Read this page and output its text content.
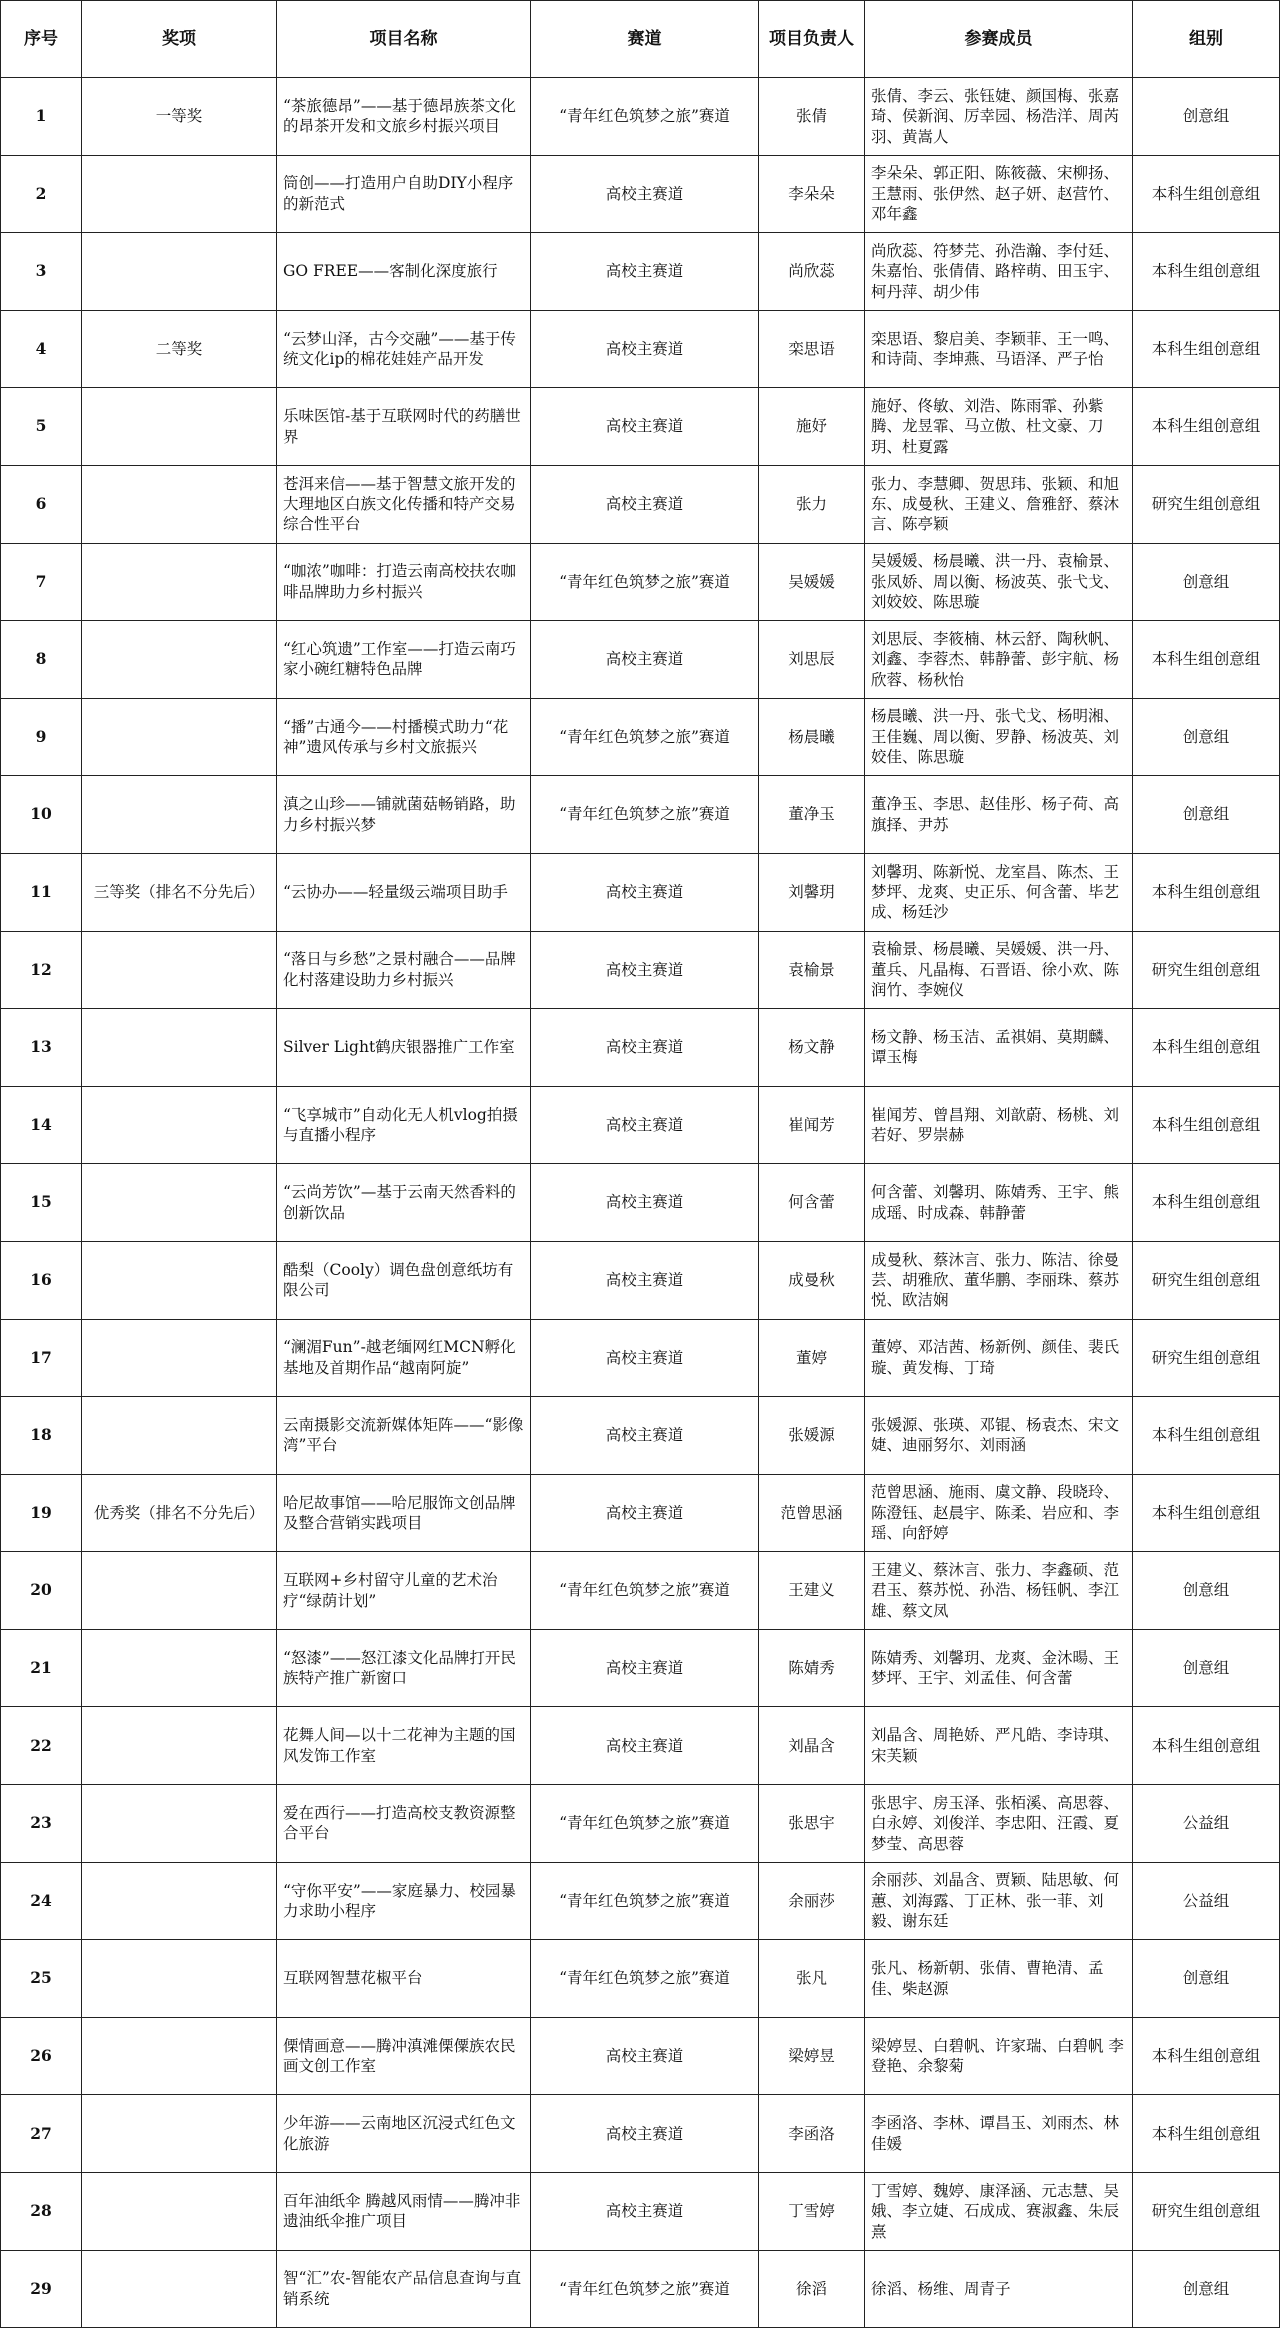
序号	奖项	项目名称	赛道	项目负责人	参赛成员	组别
1	一等奖	“茶旅德昂”——基于德昂族茶文化的昂茶开发和文旅乡村振兴项目	“青年红色筑梦之旅”赛道	张倩	张倩、李云、张钰婕、颜国梅、张嘉琦、侯新润、厉幸园、杨浩洋、周芮羽、黄嵩人	创意组
2		筒创——打造用户自助DIY小程序的新范式	高校主赛道	李朵朵	李朵朵、郭正阳、陈筱薇、宋柳扬、王慧雨、张伊然、赵子妍、赵营竹、邓年鑫	本科生组创意组
3		GO FREE——客制化深度旅行	高校主赛道	尚欣蕊	尚欣蕊、符梦芫、孙浩瀚、李付廷、朱嘉怡、张倩倩、路梓萌、田玉宇、柯丹萍、胡少伟	本科生组创意组
4	二等奖	“云梦山泽，古今交融”——基于传统文化ip的棉花娃娃产品开发	高校主赛道	栾思语	栾思语、黎启美、李颖菲、王一鸣、和诗茼、李坤燕、马语泽、严子怡	本科生组创意组
5		乐味医馆-基于互联网时代的药膳世界	高校主赛道	施妤	施妤、佟敏、刘浩、陈雨霏、孙紫腾、龙昱霏、马立傲、杜文豪、刀玥、杜夏露	本科生组创意组
6		苍洱来信——基于智慧文旅开发的大理地区白族文化传播和特产交易综合性平台	高校主赛道	张力	张力、李慧卿、贺思玮、张颖、和旭东、成曼秋、王建义、詹雅舒、蔡沐言、陈亭颖	研究生组创意组
7		“咖浓”咖啡：打造云南高校扶农咖啡品牌助力乡村振兴	“青年红色筑梦之旅”赛道	吴媛媛	吴媛媛、杨晨曦、洪一丹、袁榆景、张凤娇、周以衡、杨波英、张弋戈、刘姣姣、陈思璇	创意组
8		“红心筑遗”工作室——打造云南巧家小碗红糖特色品牌	高校主赛道	刘思辰	刘思辰、李筱楠、林云舒、陶秋帆、刘鑫、李蓉杰、韩静蕾、彭宇航、杨欣蓉、杨秋怡	本科生组创意组
9		“播”古通今——村播模式助力“花神”遗风传承与乡村文旅振兴	“青年红色筑梦之旅”赛道	杨晨曦	杨晨曦、洪一丹、张弋戈、杨明湘、王佳巍、周以衡、罗静、杨波英、刘姣佳、陈思璇	创意组
10		滇之山珍——铺就菌菇畅销路，助力乡村振兴梦	“青年红色筑梦之旅”赛道	董净玉	董净玉、李思、赵佳彤、杨子荷、高旗择、尹苏	创意组
11	三等奖（排名不分先后）	“云协办——轻量级云端项目助手	高校主赛道	刘馨玥	刘馨玥、陈新悦、龙室昌、陈杰、王梦坪、龙爽、史正乐、何含蕾、毕艺成、杨廷沙	本科生组创意组
12		“落日与乡愁”之景村融合——品牌化村落建设助力乡村振兴	高校主赛道	袁榆景	袁榆景、杨晨曦、吴媛媛、洪一丹、董兵、凡晶梅、石晋语、徐小欢、陈润竹、李婉仪	研究生组创意组
13		Silver Light鹤庆银器推广工作室	高校主赛道	杨文静	杨文静、杨玉洁、孟祺娟、莫期麟、谭玉梅	本科生组创意组
14		“飞享城市”自动化无人机vlog拍摄与直播小程序	高校主赛道	崔闻芳	崔闻芳、曾昌翔、刘歆蔚、杨桃、刘若好、罗崇赫	本科生组创意组
15		“云尚芳饮”—基于云南天然香料的创新饮品	高校主赛道	何含蕾	何含蕾、刘馨玥、陈婧秀、王宇、熊成瑶、时成森、韩静蕾	本科生组创意组
16		酷梨（Cooly）调色盘创意纸坊有限公司	高校主赛道	成曼秋	成曼秋、蔡沐言、张力、陈洁、徐曼芸、胡雅欣、董华鹏、李丽珠、蔡苏悦、欧洁娴	研究生组创意组
17		“澜湄Fun”-越老缅网红MCN孵化基地及首期作品“越南阿旋”	高校主赛道	董婷	董婷、邓洁茜、杨新例、颜佳、裴氏璇、黄发梅、丁琦	研究生组创意组
18		云南摄影交流新媒体矩阵——“影像湾”平台	高校主赛道	张媛源	张媛源、张瑛、邓锟、杨袁杰、宋文婕、迪丽努尔、刘雨涵	本科生组创意组
19	优秀奖（排名不分先后）	哈尼故事馆——哈尼服饰文创品牌及整合营销实践项目	高校主赛道	范曾思涵	范曾思涵、施雨、虞文静、段晓玲、陈澄钰、赵晨宇、陈柔、岩应和、李瑶、向舒婷	本科生组创意组
20		互联网+乡村留守儿童的艺术治疗“绿荫计划”	“青年红色筑梦之旅”赛道	王建义	王建义、蔡沐言、张力、李鑫硕、范君玉、蔡苏悦、孙浩、杨钰帆、李江雄、蔡文凤	创意组
21		“怒漆”——怒江漆文化品牌打开民族特产推广新窗口	高校主赛道	陈婧秀	陈婧秀、刘馨玥、龙爽、金沐暘、王梦坪、王宇、刘孟佳、何含蕾	创意组
22		花舞人间—以十二花神为主题的国风发饰工作室	高校主赛道	刘晶含	刘晶含、周艳娇、严凡皓、李诗琪、宋芙颖	本科生组创意组
23		爱在西行——打造高校支教资源整合平台	“青年红色筑梦之旅”赛道	张思宇	张思宇、房玉泽、张栢溪、高思蓉、白永婷、刘俊洋、李忠阳、汪霞、夏梦莹、高思蓉	公益组
24		“守你平安”——家庭暴力、校园暴力求助小程序	“青年红色筑梦之旅”赛道	余丽莎	余丽莎、刘晶含、贾颖、陆思敏、何蕙、刘海露、丁正林、张一菲、刘毅、谢东廷	公益组
25		互联网智慧花椒平台	“青年红色筑梦之旅”赛道	张凡	张凡、杨新朝、张倩、曹艳清、孟佳、柴赵源	创意组
26		傈情画意——腾冲滇滩傈僳族农民画文创工作室	高校主赛道	梁婷昱	梁婷昱、白碧帆、许家瑞、白碧帆 李登艳、余黎菊	本科生组创意组
27		少年游——云南地区沉浸式红色文化旅游	高校主赛道	李函洛	李函洛、李林、谭昌玉、刘雨杰、林佳媛	本科生组创意组
28		百年油纸伞 腾越风雨情——腾冲非遗油纸伞推广项目	高校主赛道	丁雪婷	丁雪婷、魏婷、康泽涵、元志慧、吴娥、李立婕、石成成、赛淑鑫、朱辰熹	研究生组创意组
29		智“汇”农-智能农产品信息查询与直销系统	“青年红色筑梦之旅”赛道	徐滔	徐滔、杨维、周青子	创意组
